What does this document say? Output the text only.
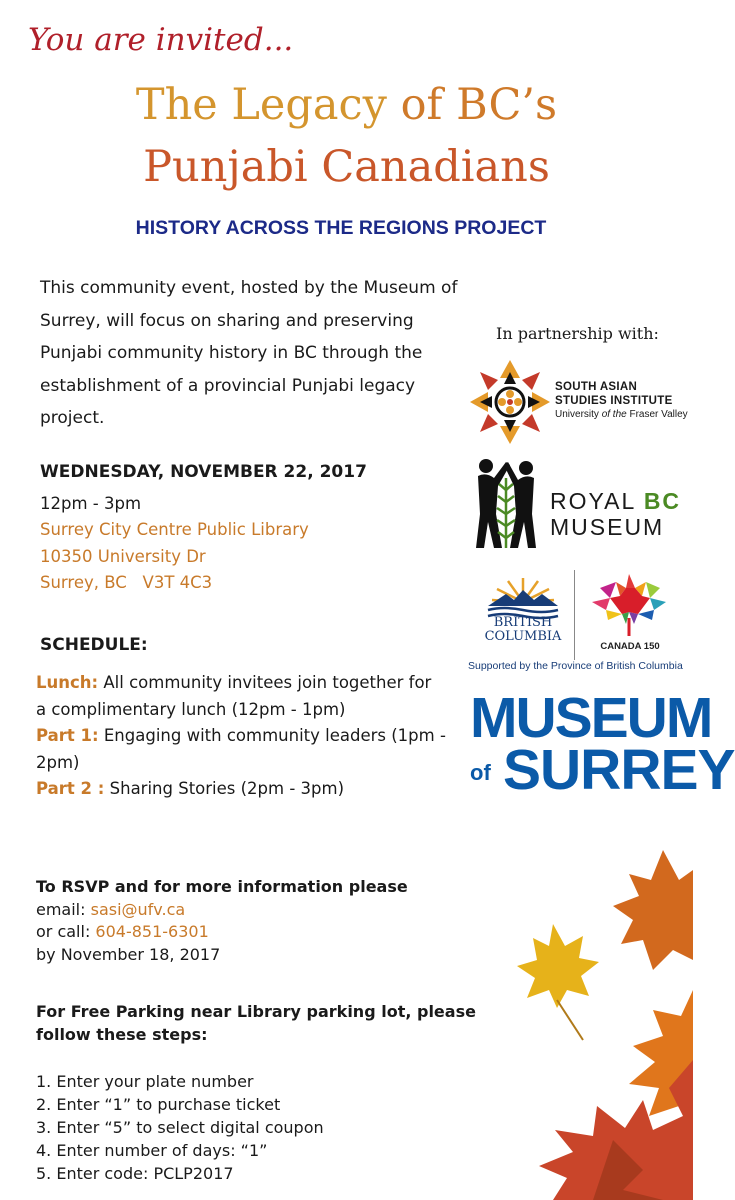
You are invited...
The Legacy of BC’s
Punjabi Canadians
HISTORY ACROSS THE REGIONS PROJECT
This community event, hosted by the Museum of Surrey, will focus on sharing and preserving Punjabi community history in BC through the establishment of a provincial Punjabi legacy project.
WEDNESDAY, NOVEMBER 22, 2017
12pm - 3pm
Surrey City Centre Public Library
10350 University Dr
Surrey, BC   V3T 4C3
SCHEDULE:
Lunch: All community invitees join together for a complimentary lunch (12pm - 1pm)
Part 1: Engaging with community leaders (1pm - 2pm)
Part 2 : Sharing Stories (2pm - 3pm)
To RSVP and for more information please
email: sasi@ufv.ca
or call: 604-851-6301
by November 18, 2017
For Free Parking near Library parking lot, please follow these steps:
1. Enter your plate number
2. Enter “1” to purchase ticket
3. Enter “5” to select digital coupon
4. Enter number of days: “1”
5. Enter code: PCLP2017
In partnership with:
SOUTH ASIAN
STUDIES INSTITUTE
University of the Fraser Valley
ROYAL BC
MUSEUM
BRITISH
COLUMBIA
CANADA 150
Supported by the Province of British Columbia
MUSEUM
of SURREY
